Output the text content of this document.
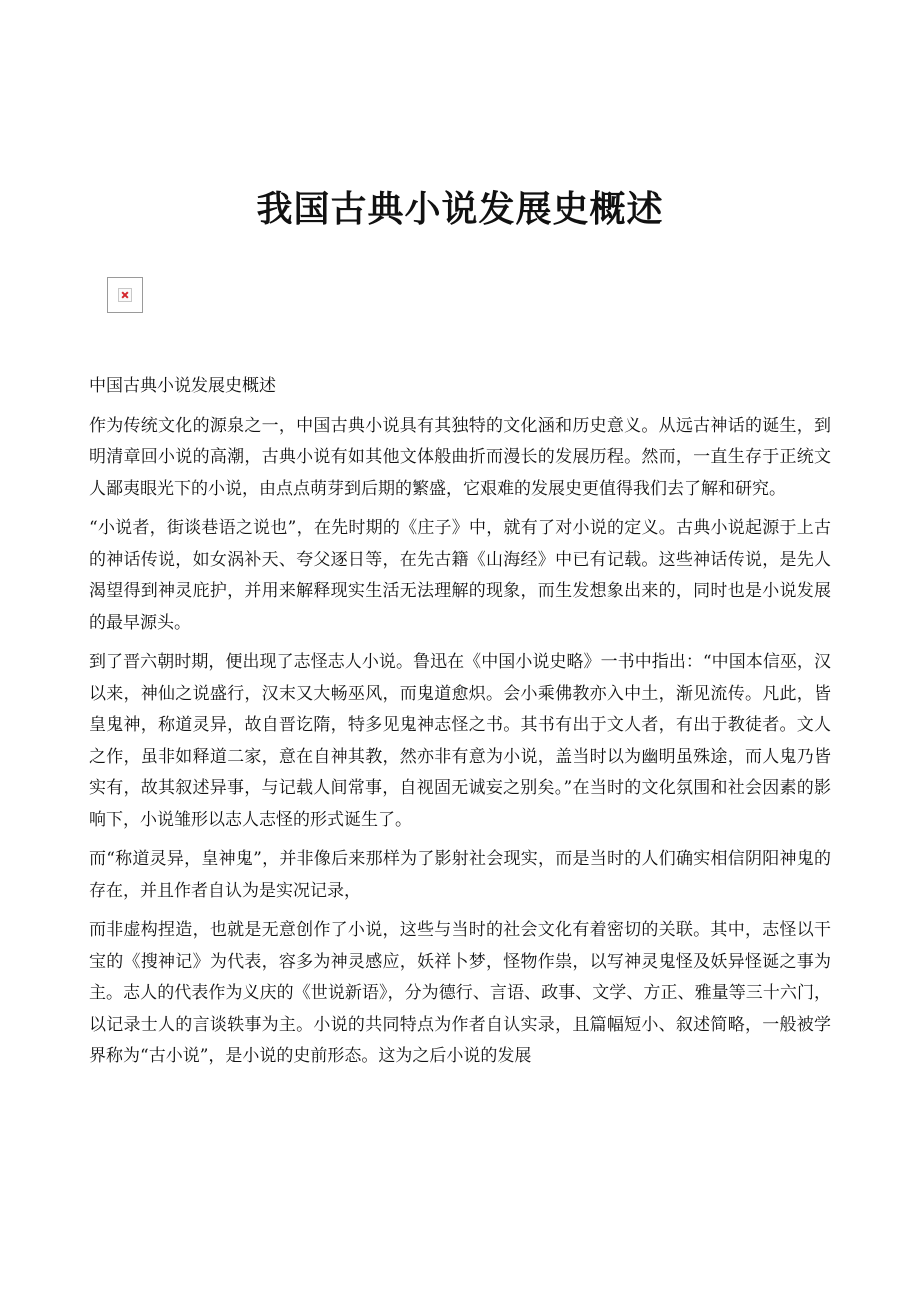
我国古典小说发展史概述

中国古典小说发展史概述

作为传统文化的源泉之一，中国古典小说具有其独特的文化涵和历史意义。从远古神话的诞生，到明清章回小说的高潮，古典小说有如其他文体般曲折而漫长的发展历程。然而，一直生存于正统文人鄙夷眼光下的小说，由点点萌芽到后期的繁盛，它艰难的发展史更值得我们去了解和研究。

“小说者，街谈巷语之说也”，在先时期的《庄子》中，就有了对小说的定义。古典小说起源于上古的神话传说，如女涡补天、夸父逐日等，在先古籍《山海经》中已有记载。这些神话传说，是先人渴望得到神灵庇护，并用来解释现实生活无法理解的现象，而生发想象出来的，同时也是小说发展的最早源头。

到了晋六朝时期，便出现了志怪志人小说。鲁迅在《中国小说史略》一书中指出：“中国本信巫，汉以来，神仙之说盛行，汉末又大畅巫风，而鬼道愈炽。会小乘佛教亦入中土，渐见流传。凡此，皆皇鬼神，称道灵异，故自晋讫隋，特多见鬼神志怪之书。其书有出于文人者，有出于教徒者。文人之作，虽非如释道二家，意在自神其教，然亦非有意为小说，盖当时以为幽明虽殊途，而人鬼乃皆实有，故其叙述异事，与记载人间常事，自视固无诚妄之别矣。”在当时的文化氛围和社会因素的影响下，小说雏形以志人志怪的形式诞生了。

而“称道灵异，皇神鬼”，并非像后来那样为了影射社会现实，而是当时的人们确实相信阴阳神鬼的存在，并且作者自认为是实况记录，

而非虚构捏造，也就是无意创作了小说，这些与当时的社会文化有着密切的关联。其中，志怪以干宝的《搜神记》为代表，容多为神灵感应，妖祥卜梦，怪物作祟，以写神灵鬼怪及妖异怪诞之事为主。志人的代表作为义庆的《世说新语》，分为德行、言语、政事、文学、方正、雅量等三十六门，以记录士人的言谈轶事为主。小说的共同特点为作者自认实录，且篇幅短小、叙述简略，一般被学界称为“古小说”，是小说的史前形态。这为之后小说的发展
